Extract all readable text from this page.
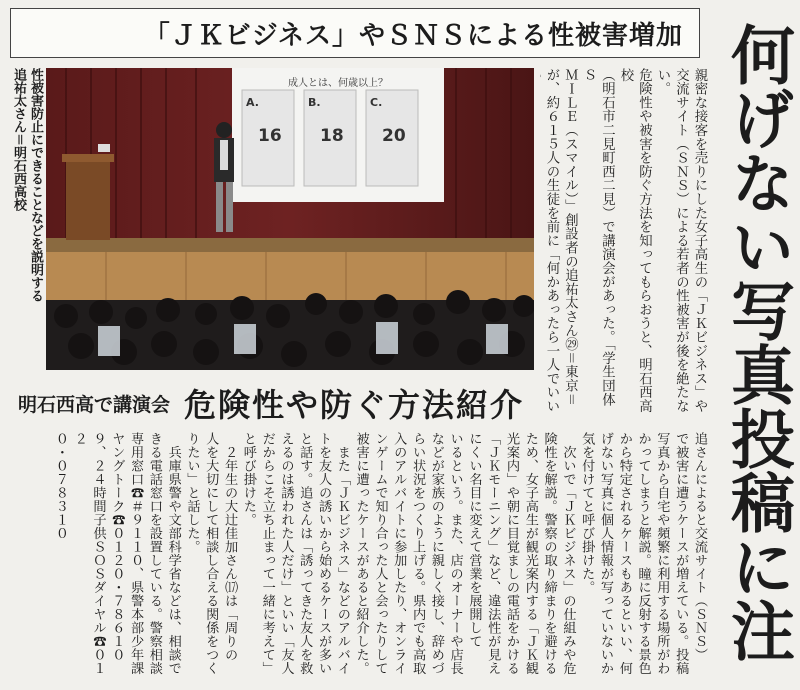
「ＪＫビジネス」やＳＮＳによる性被害増加 何げない写真投稿に注
性被害防止にできることなどを説明する
追祐太さん＝明石西高校	成人とは、何歳以上？
A.
16
B.
18
C.
20	親密な接客を売りにした女子高生の「ＪＫビジネス」や
交流サイト（ＳＮＳ）による若者の性被害が後を絶たない。
危険性や被害を防ぐ方法を知ってもらおうと、明石西高校
（明石市二見町西二見）で講演会があった。「学生団体Ｓ
ＭＩＬＥ（スマイル）」創設者の追祐太さん㉙＝東京＝
が、約６１５人の生徒を前に「何かあったら一人でいい

明石西高で講演会 危険性や防ぐ方法紹介
追さんによると交流サイト（ＳＮＳ）
で被害に遭うケースが増えている。投稿
写真から自宅や頻繁に利用する場所がわ
かってしまうと解説。瞳に反射する景色
から特定されるケースもあるといい、何
げない写真に個人情報が写っていないか
気を付けてと呼び掛けた。
　次いで「ＪＫビジネス」の仕組みや危
険性を解説。警察の取り締まりを避ける
ため、女子高生が観光案内する「ＪＫ観
光案内」や朝に目覚ましの電話をかける
「ＪＫモーニング」など、違法性が見え
にくい名目に変えて営業を展開して
いるという。また、店のオーナーや店長
などが家族のように親しく接し、辞めづ
らい状況をつくり上げる。県内でも高取
入のアルバイトに参加したり、オンライ
ンゲームで知り合った人と会ったりして
被害に遭ったケースがあると紹介した。
　また「ＪＫビジネス」などのアルバイ
トを友人の誘いから始めるケースが多い
と話す。追さんは「誘ってきた友人を救
えるのは誘われた人だけ」といい「友人
だからこそ立ち止まって一緒に考えて」
と呼び掛けた。
　２年生の大辻佳加さん⒄は「周りの
人を大切にして相談し合える関係をつく
りたい」と話した。
　兵庫県警や文部科学省などは、相談で
きる電話窓口を設置している。警察相談
専用窓口☎＃９１１０、県警本部少年課
ヤングトーク☎０１２０・７８６１０
９、２４時間子供ＳＯＳダイヤル☎０１２
０・０７８３１０
